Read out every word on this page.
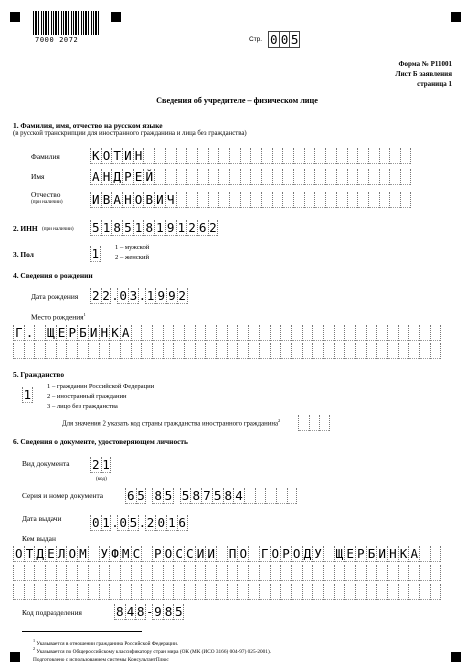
7000 2072	Стр. 0 0 5
Форма № Р11001
Лист Б заявления
страница 1
Сведения об учредителе – физическом лице
1. Фамилия, имя, отчество на русском языке
(в русской транскрипции для иностранного гражданина и лица без гражданства)
Фамилия	К О Т И Н
Имя	А Н Д Р Е Й
Отчество
(при наличии) И В А Н О В И Ч
2. ИНН (при наличии) 5 1 8 5 1 8 1 9 1 2 6 2
3. Пол	1 1 – мужской
2 – женский
4. Сведения о рождении
Дата рождения 2 2 . 0 3 . 1 9 9 2
Место рождения$^1$
Г . Щ Е Р Б И Н К А
5. Гражданство
1
1 – гражданин Российской Федерации
2 – иностранный гражданин
3 – лицо без гражданства
Для значения 2 указать код страны гражданства иностранного гражданина$^2$
6. Сведения о документе, удостоверяющем личность
Вид документа 2 1
(код)
Серия и номер документа 6 5 8 5 5 8 7 5 8 4
Дата выдачи 0 1 . 0 5 . 2 0 1 6
Кем выдан
О Т Д Е Л О М У Ф М С Р О С С И И П О Г О Р О Д У Щ Е Р Б И Н К А
Код подразделения	8 4 8 - 9 8 5
$^1$ Указывается в отношении гражданина Российской Федерации.
$^2$ Указывается по Общероссийскому классификатору стран мира (ОК (МК (ИСО 3166) 004-97) 025-2001).
Подготовлено с использованием системы КонсультантПлюс
